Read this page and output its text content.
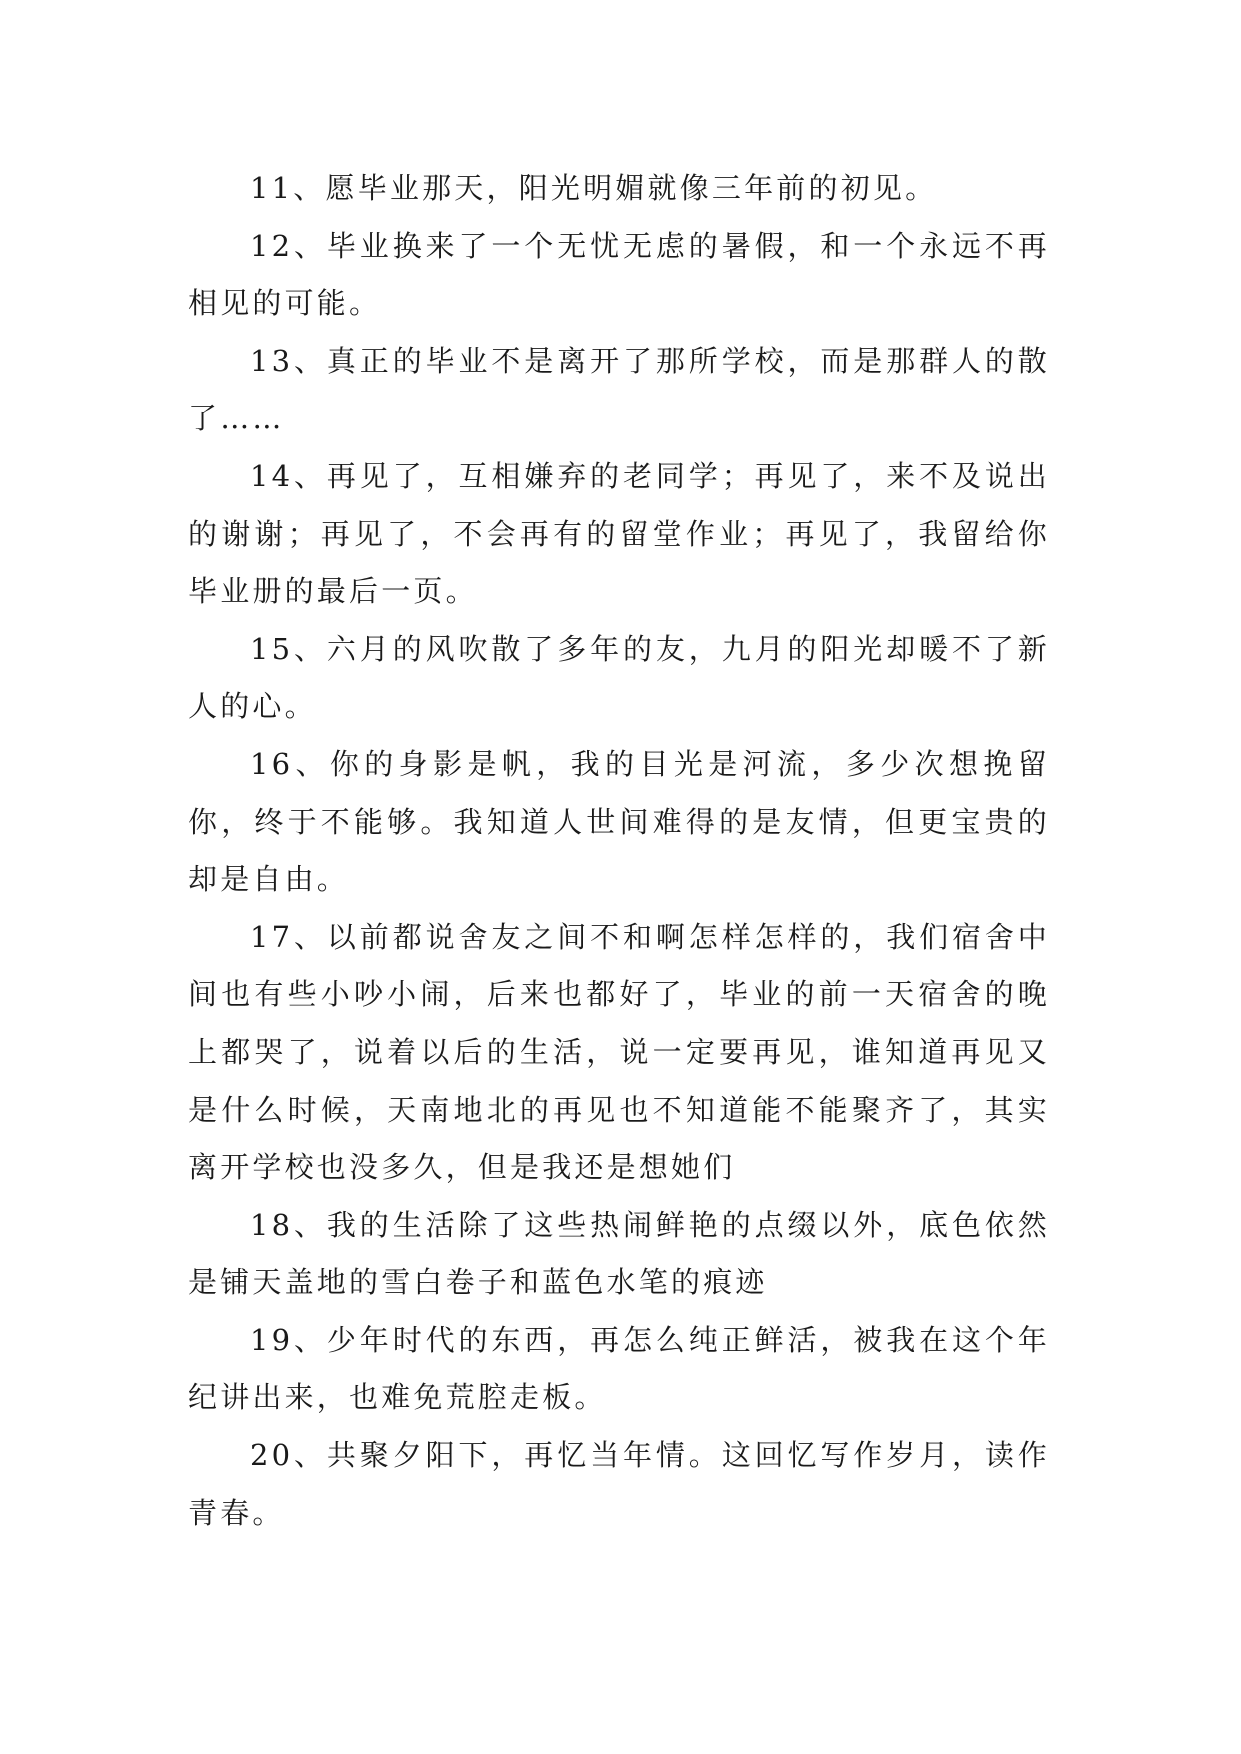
11、愿毕业那天，阳光明媚就像三年前的初见。

12、毕业换来了一个无忧无虑的暑假，和一个永远不再相见的可能。

13、真正的毕业不是离开了那所学校，而是那群人的散了……

14、再见了，互相嫌弃的老同学；再见了，来不及说出的谢谢；再见了，不会再有的留堂作业；再见了，我留给你毕业册的最后一页。

15、六月的风吹散了多年的友，九月的阳光却暖不了新人的心。

16、你的身影是帆，我的目光是河流，多少次想挽留你，终于不能够。我知道人世间难得的是友情，但更宝贵的却是自由。

17、以前都说舍友之间不和啊怎样怎样的，我们宿舍中间也有些小吵小闹，后来也都好了，毕业的前一天宿舍的晚上都哭了，说着以后的生活，说一定要再见，谁知道再见又是什么时候，天南地北的再见也不知道能不能聚齐了，其实离开学校也没多久，但是我还是想她们

18、我的生活除了这些热闹鲜艳的点缀以外，底色依然是铺天盖地的雪白卷子和蓝色水笔的痕迹

19、少年时代的东西，再怎么纯正鲜活，被我在这个年纪讲出来，也难免荒腔走板。

20、共聚夕阳下，再忆当年情。这回忆写作岁月，读作青春。
